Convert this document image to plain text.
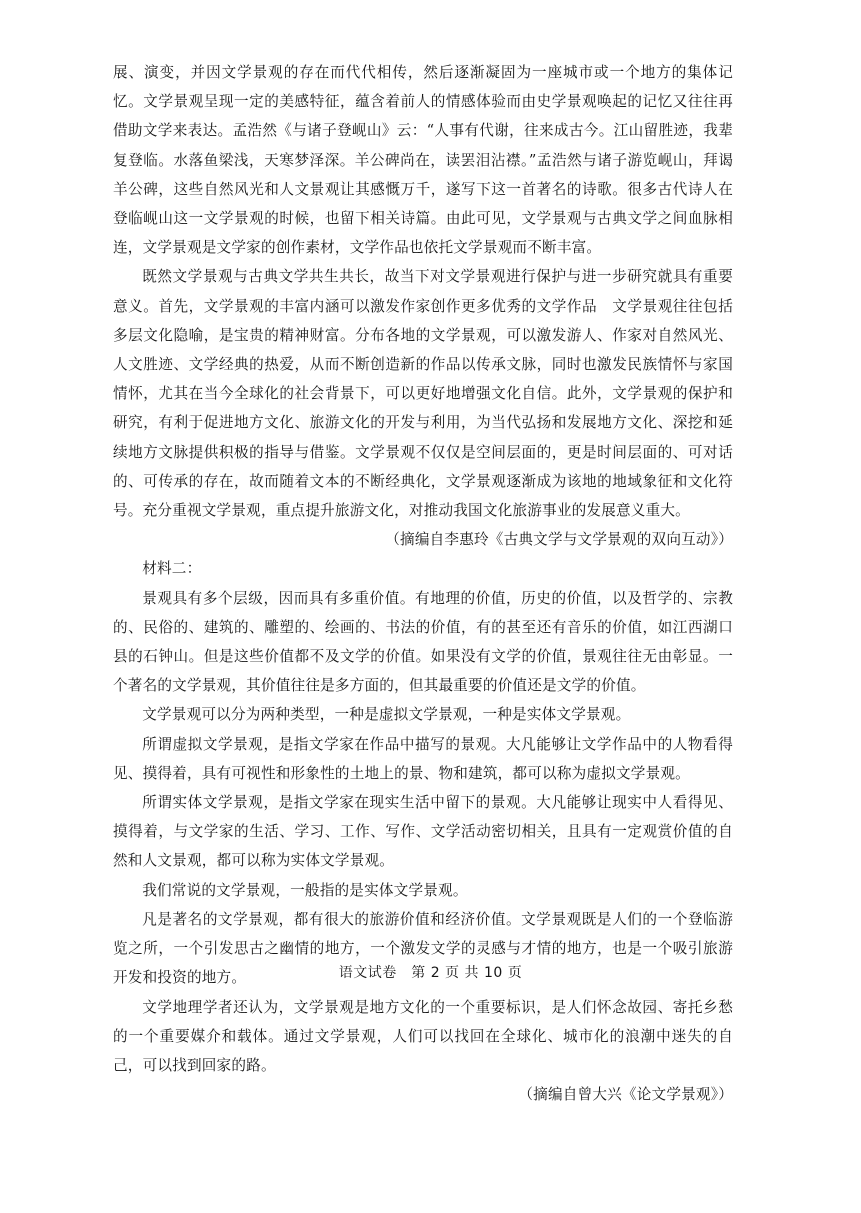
展、演变，并因文学景观的存在而代代相传，然后逐渐凝固为一座城市或一个地方的集体记忆。文学景观呈现一定的美感特征，蕴含着前人的情感体验而由史学景观唤起的记忆又往往再借助文学来表达。孟浩然《与诸子登岘山》云：“人事有代谢，往来成古今。江山留胜迹，我辈复登临。水落鱼梁浅，天寒梦泽深。羊公碑尚在，读罢泪沾襟。”孟浩然与诸子游览岘山，拜谒羊公碑，这些自然风光和人文景观让其感慨万千，遂写下这一首著名的诗歌。很多古代诗人在登临岘山这一文学景观的时候，也留下相关诗篇。由此可见，文学景观与古典文学之间血脉相连，文学景观是文学家的创作素材，文学作品也依托文学景观而不断丰富。

既然文学景观与古典文学共生共长，故当下对文学景观进行保护与进一步研究就具有重要意义。首先，文学景观的丰富内涵可以激发作家创作更多优秀的文学作品　文学景观往往包括多层文化隐喻，是宝贵的精神财富。分布各地的文学景观，可以激发游人、作家对自然风光、人文胜迹、文学经典的热爱，从而不断创造新的作品以传承文脉，同时也激发民族情怀与家国情怀，尤其在当今全球化的社会背景下，可以更好地增强文化自信。此外，文学景观的保护和研究，有利于促进地方文化、旅游文化的开发与利用，为当代弘扬和发展地方文化、深挖和延续地方文脉提供积极的指导与借鉴。文学景观不仅仅是空间层面的，更是时间层面的、可对话的、可传承的存在，故而随着文本的不断经典化，文学景观逐渐成为该地的地域象征和文化符号。充分重视文学景观，重点提升旅游文化，对推动我国文化旅游事业的发展意义重大。

（摘编自李惠玲《古典文学与文学景观的双向互动》）

材料二：

景观具有多个层级，因而具有多重价值。有地理的价值，历史的价值，以及哲学的、宗教的、民俗的、建筑的、雕塑的、绘画的、书法的价值，有的甚至还有音乐的价值，如江西湖口县的石钟山。但是这些价值都不及文学的价值。如果没有文学的价值，景观往往无由彰显。一个著名的文学景观，其价值往往是多方面的，但其最重要的价值还是文学的价值。

文学景观可以分为两种类型，一种是虚拟文学景观，一种是实体文学景观。

所谓虚拟文学景观，是指文学家在作品中描写的景观。大凡能够让文学作品中的人物看得见、摸得着，具有可视性和形象性的土地上的景、物和建筑，都可以称为虚拟文学景观。

所谓实体文学景观，是指文学家在现实生活中留下的景观。大凡能够让现实中人看得见、摸得着，与文学家的生活、学习、工作、写作、文学活动密切相关，且具有一定观赏价值的自然和人文景观，都可以称为实体文学景观。

我们常说的文学景观，一般指的是实体文学景观。

凡是著名的文学景观，都有很大的旅游价值和经济价值。文学景观既是人们的一个登临游览之所，一个引发思古之幽情的地方，一个激发文学的灵感与才情的地方，也是一个吸引旅游开发和投资的地方。

文学地理学者还认为，文学景观是地方文化的一个重要标识，是人们怀念故园、寄托乡愁的一个重要媒介和载体。通过文学景观，人们可以找回在全球化、城市化的浪潮中迷失的自己，可以找到回家的路。

（摘编自曾大兴《论文学景观》）

语文试卷　第 2 页 共 10 页
